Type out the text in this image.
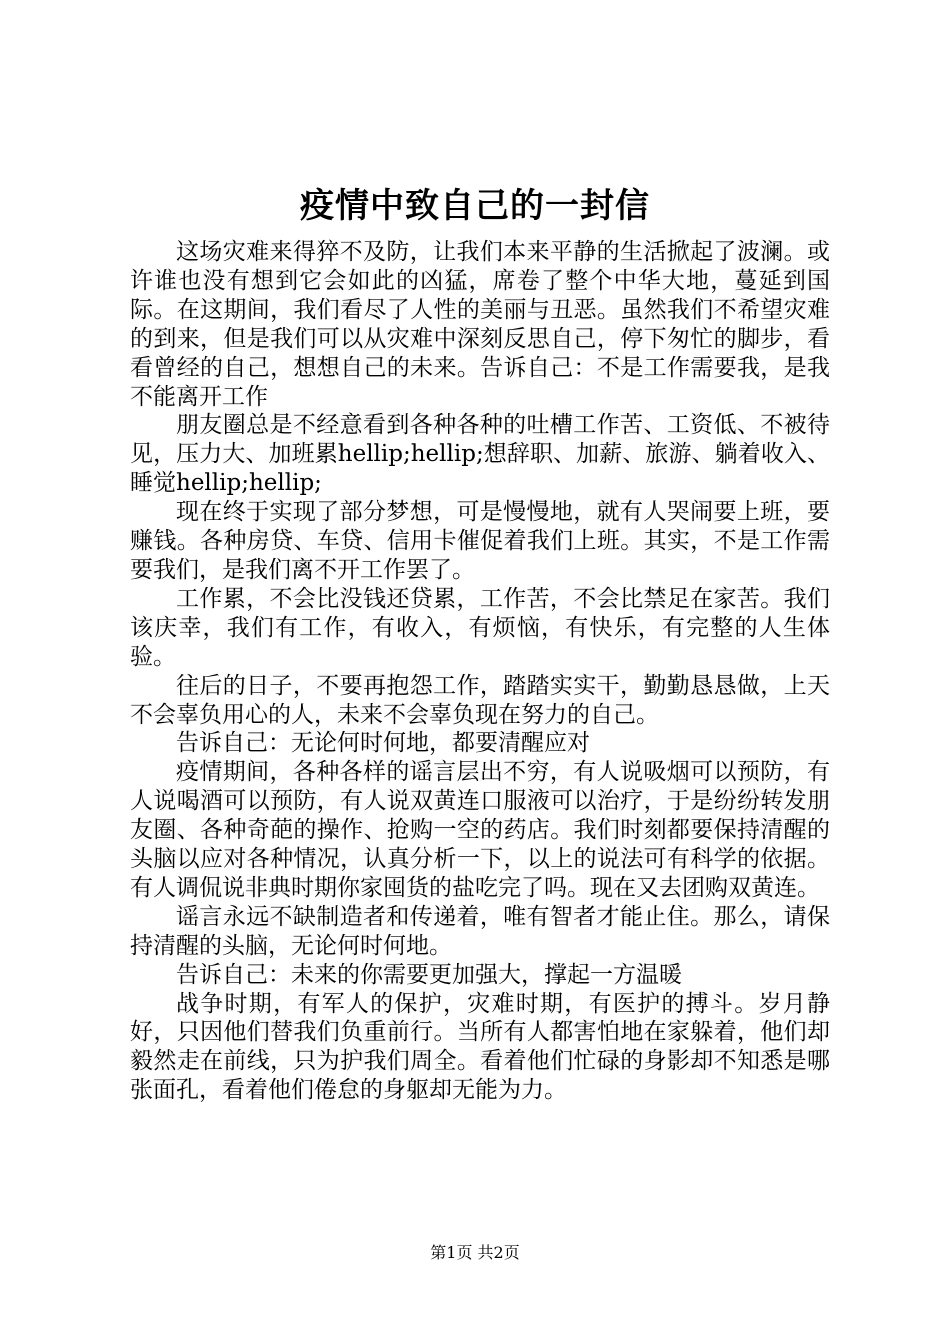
疫情中致自己的一封信

这场灾难来得猝不及防，让我们本来平静的生活掀起了波澜。或许谁也没有想到它会如此的凶猛，席卷了整个中华大地，蔓延到国际。在这期间，我们看尽了人性的美丽与丑恶。虽然我们不希望灾难的到来，但是我们可以从灾难中深刻反思自己，停下匆忙的脚步，看看曾经的自己，想想自己的未来。告诉自己：不是工作需要我，是我不能离开工作

朋友圈总是不经意看到各种各种的吐槽工作苦、工资低、不被待见，压力大、加班累hellip;hellip;想辞职、加薪、旅游、躺着收入、睡觉hellip;hellip;

现在终于实现了部分梦想，可是慢慢地，就有人哭闹要上班，要赚钱。各种房贷、车贷、信用卡催促着我们上班。其实，不是工作需要我们，是我们离不开工作罢了。

工作累，不会比没钱还贷累，工作苦，不会比禁足在家苦。我们该庆幸，我们有工作，有收入，有烦恼，有快乐，有完整的人生体验。

往后的日子，不要再抱怨工作，踏踏实实干，勤勤恳恳做，上天不会辜负用心的人，未来不会辜负现在努力的自己。

告诉自己：无论何时何地，都要清醒应对

疫情期间，各种各样的谣言层出不穷，有人说吸烟可以预防，有人说喝酒可以预防，有人说双黄连口服液可以治疗，于是纷纷转发朋友圈、各种奇葩的操作、抢购一空的药店。我们时刻都要保持清醒的头脑以应对各种情况，认真分析一下，以上的说法可有科学的依据。有人调侃说非典时期你家囤货的盐吃完了吗。现在又去团购双黄连。

谣言永远不缺制造者和传递着，唯有智者才能止住。那么，请保持清醒的头脑，无论何时何地。

告诉自己：未来的你需要更加强大，撑起一方温暖

战争时期，有军人的保护，灾难时期，有医护的搏斗。岁月静好，只因他们替我们负重前行。当所有人都害怕地在家躲着，他们却毅然走在前线，只为护我们周全。看着他们忙碌的身影却不知悉是哪张面孔，看着他们倦怠的身躯却无能为力。

第1页 共2页
